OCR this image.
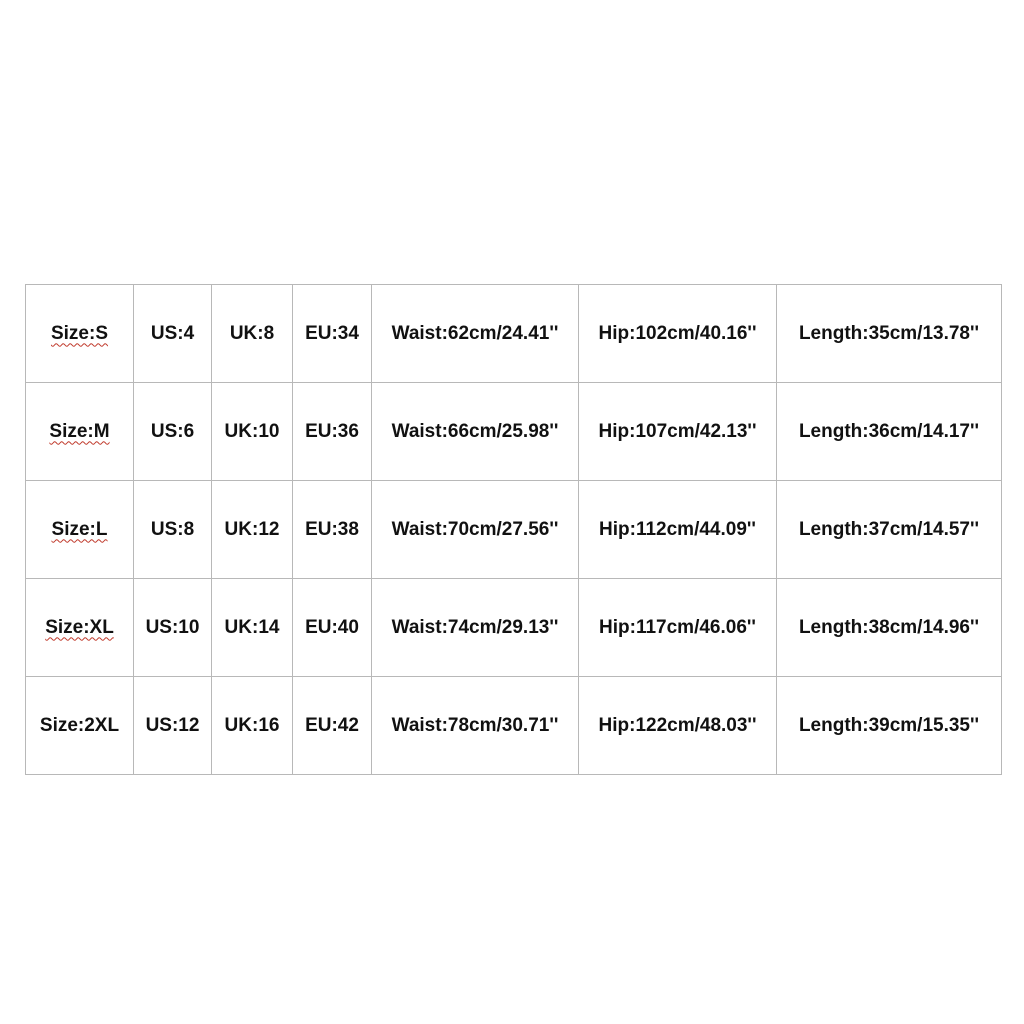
Size:S	US:4	UK:8	EU:34	Waist:62cm/24.41''	Hip:102cm/40.16''	Length:35cm/13.78''
Size:M	US:6	UK:10	EU:36	Waist:66cm/25.98''	Hip:107cm/42.13''	Length:36cm/14.17''
Size:L	US:8	UK:12	EU:38	Waist:70cm/27.56''	Hip:112cm/44.09''	Length:37cm/14.57''
Size:XL	US:10	UK:14	EU:40	Waist:74cm/29.13''	Hip:117cm/46.06''	Length:38cm/14.96''
Size:2XL	US:12	UK:16	EU:42	Waist:78cm/30.71''	Hip:122cm/48.03''	Length:39cm/15.35''
